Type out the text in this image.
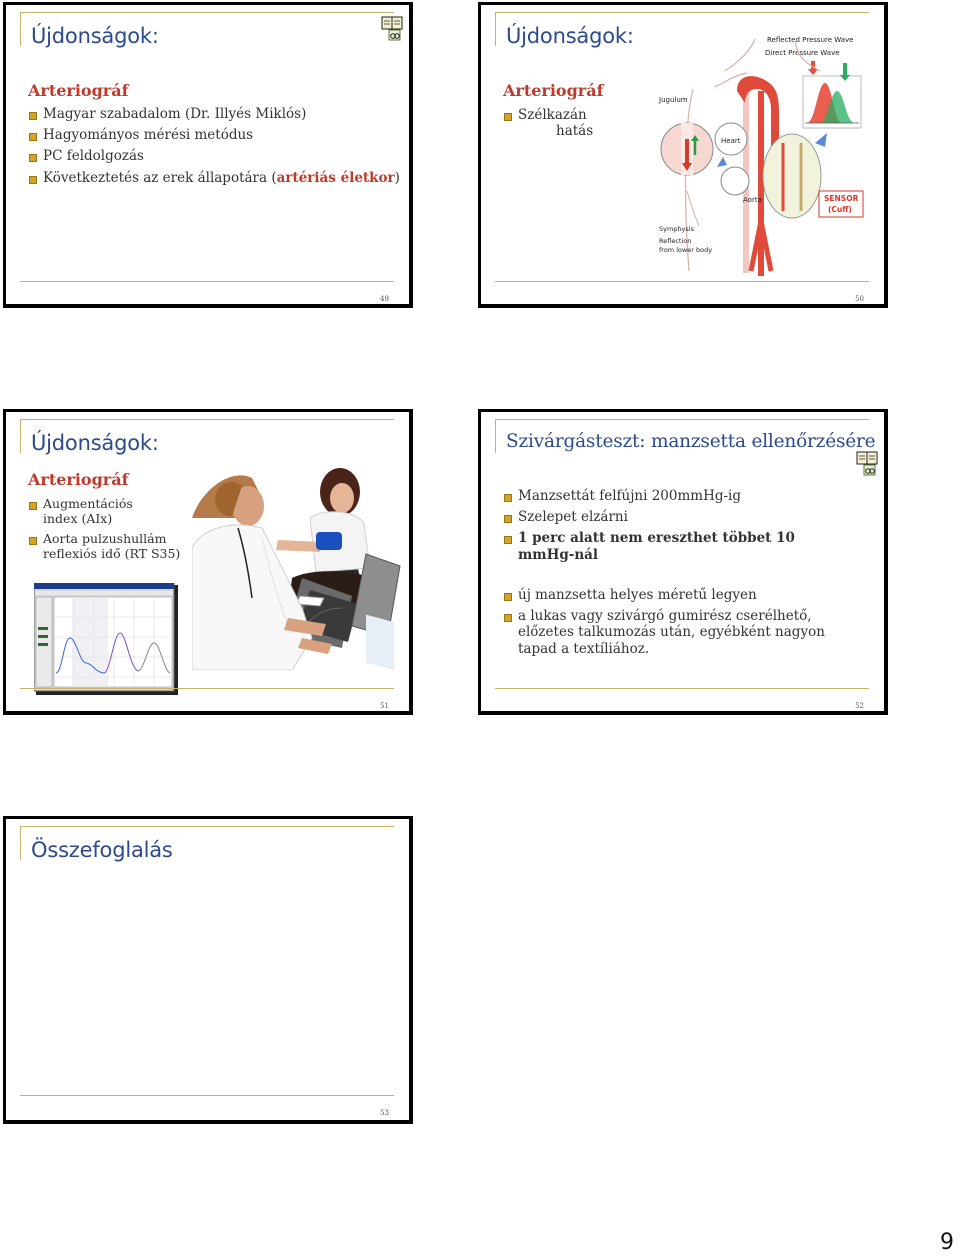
Újdonságok:
Arteriográf
Magyar szabadalom (Dr. Illyés Miklós)
Hagyományos mérési metódus
PC feldolgozás
Következtetés az erek állapotára (artériás életkor)
49
Újdonságok:
Arteriográf
Szélkazán
hatás
Reflected Pressure Wave
Direct Pressure Wave
Jugulum
Heart
Aorta	SENSOR
(Cuff)
Symphysis
Reflection
from lower body
50
Újdonságok:
Arteriográf
Augmentációs
index (AIx)
Aorta pulzushullám
reflexiós idő (RT S35)
51
Szivárgásteszt: manzsetta ellenőrzésére
Manzsettát felfújni 200mmHg-ig
Szelepet elzárni
1 perc alatt nem ereszthet többet 10 mmHg-nál
új manzsetta helyes méretű legyen
a lukas vagy szivárgó gumirész cserélhető, előzetes talkumozás után, egyébként nagyon tapad a textíliához.
52
Összefoglalás
53
9
